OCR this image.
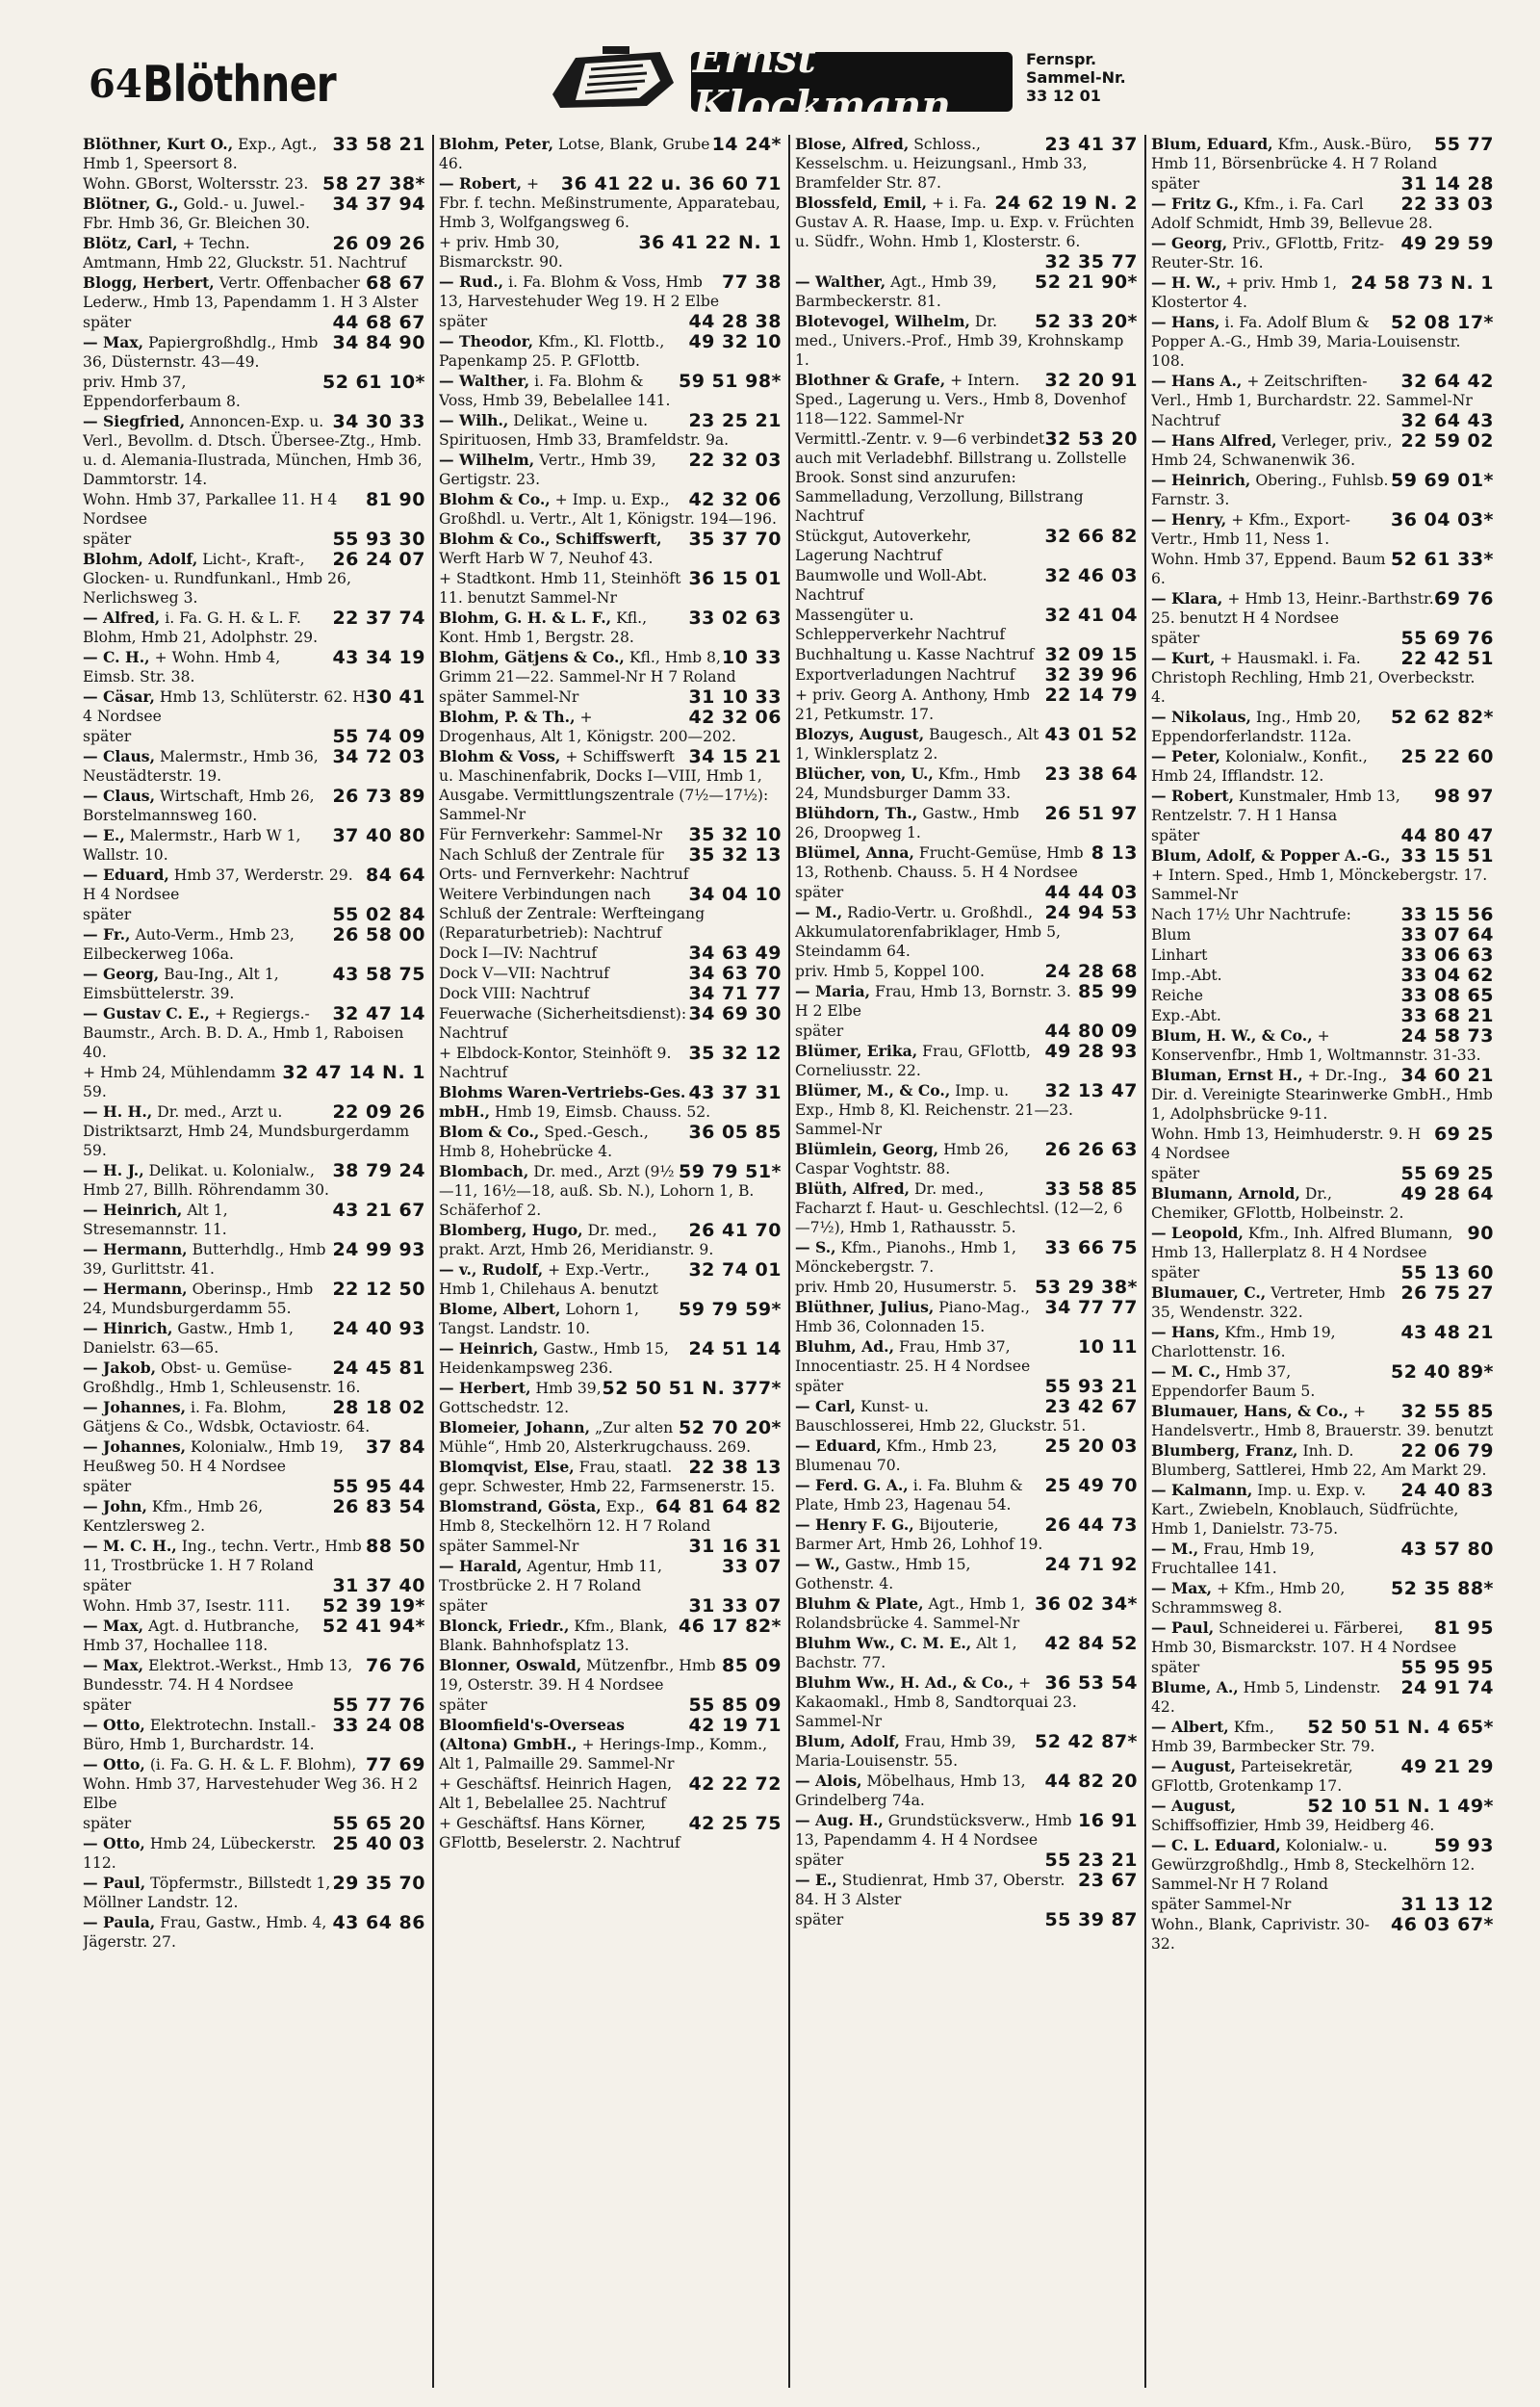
64 Blöthner	Ernst Klockmann
Fernspr.
Sammel-Nr.
33 12 01
33 58 21
Blöthner, Kurt O., Exp., Agt., Hmb 1, Speersort 8.
58 27 38*
Wohn. GBorst, Woltersstr. 23.
34 37 94
Blötner, G., Gold.- u. Juwel.-Fbr. Hmb 36, Gr. Bleichen 30.
26 09 26
Blötz, Carl, + Techn. Amtmann, Hmb 22, Gluckstr. 51. Nachtruf
68 67
Blogg, Herbert, Vertr. Offenbacher Lederw., Hmb 13, Papendamm 1. H 3 Alster
44 68 67
später
34 84 90
— Max, Papiergroßhdlg., Hmb 36, Düsternstr. 43—49.
52 61 10*
priv. Hmb 37, Eppendorferbaum 8.
34 30 33
— Siegfried, Annoncen-Exp. u. Verl., Bevollm. d. Dtsch. Übersee-Ztg., Hmb. u. d. Alemania-Ilustrada, München, Hmb 36, Dammtorstr. 14.
81 90
Wohn. Hmb 37, Parkallee 11. H 4 Nordsee
55 93 30
später
26 24 07
Blohm, Adolf, Licht-, Kraft-, Glocken- u. Rundfunkanl., Hmb 26, Nerlichsweg 3.
22 37 74
— Alfred, i. Fa. G. H. & L. F. Blohm, Hmb 21, Adolphstr. 29.
43 34 19
— C. H., + Wohn. Hmb 4, Eimsb. Str. 38.
30 41
— Cäsar, Hmb 13, Schlüterstr. 62. H 4 Nordsee
55 74 09
später
34 72 03
— Claus, Malermstr., Hmb 36, Neustädterstr. 19.
26 73 89
— Claus, Wirtschaft, Hmb 26, Borstelmannsweg 160.
37 40 80
— E., Malermstr., Harb W 1, Wallstr. 10.
84 64
— Eduard, Hmb 37, Werderstr. 29. H 4 Nordsee
55 02 84
später
26 58 00
— Fr., Auto-Verm., Hmb 23, Eilbeckerweg 106a.
43 58 75
— Georg, Bau-Ing., Alt 1, Eimsbüttelerstr. 39.
32 47 14
— Gustav C. E., + Regiergs.-Baumstr., Arch. B. D. A., Hmb 1, Raboisen 40.
32 47 14 N. 1
+ Hmb 24, Mühlendamm 59.
22 09 26
— H. H., Dr. med., Arzt u. Distriktsarzt, Hmb 24, Mundsburgerdamm 59.
38 79 24
— H. J., Delikat. u. Kolonialw., Hmb 27, Billh. Röhrendamm 30.
43 21 67
— Heinrich, Alt 1, Stresemannstr. 11.
24 99 93
— Hermann, Butterhdlg., Hmb 39, Gurlittstr. 41.
22 12 50
— Hermann, Oberinsp., Hmb 24, Mundsburgerdamm 55.
24 40 93
— Hinrich, Gastw., Hmb 1, Danielstr. 63—65.
24 45 81
— Jakob, Obst- u. Gemüse-Großhdlg., Hmb 1, Schleusenstr. 16.
28 18 02
— Johannes, i. Fa. Blohm, Gätjens & Co., Wdsbk, Octaviostr. 64.
37 84
— Johannes, Kolonialw., Hmb 19, Heußweg 50. H 4 Nordsee
55 95 44
später
26 83 54
— John, Kfm., Hmb 26, Kentzlersweg 2.
88 50
— M. C. H., Ing., techn. Vertr., Hmb 11, Trostbrücke 1. H 7 Roland
31 37 40
später
52 39 19*
Wohn. Hmb 37, Isestr. 111.
52 41 94*
— Max, Agt. d. Hutbranche, Hmb 37, Hochallee 118.
76 76
— Max, Elektrot.-Werkst., Hmb 13, Bundesstr. 74. H 4 Nordsee
55 77 76
später
33 24 08
— Otto, Elektrotechn. Install.-Büro, Hmb 1, Burchardstr. 14.
77 69
— Otto, (i. Fa. G. H. & L. F. Blohm), Wohn. Hmb 37, Harvestehuder Weg 36. H 2 Elbe
55 65 20
später
25 40 03
— Otto, Hmb 24, Lübeckerstr. 112.
29 35 70
— Paul, Töpfermstr., Billstedt 1, Möllner Landstr. 12.
43 64 86
— Paula, Frau, Gastw., Hmb. 4, Jägerstr. 27.
14 24*
Blohm, Peter, Lotse, Blank, Grube 46.
36 41 22 u. 36 60 71
— Robert, + Fbr. f. techn. Meßinstrumente, Apparatebau, Hmb 3, Wolfgangsweg 6.
36 41 22 N. 1
+ priv. Hmb 30, Bismarckstr. 90.
77 38
— Rud., i. Fa. Blohm & Voss, Hmb 13, Harvestehuder Weg 19. H 2 Elbe
44 28 38
später
49 32 10
— Theodor, Kfm., Kl. Flottb., Papenkamp 25. P. GFlottb.
59 51 98*
— Walther, i. Fa. Blohm & Voss, Hmb 39, Bebelallee 141.
23 25 21
— Wilh., Delikat., Weine u. Spirituosen, Hmb 33, Bramfeldstr. 9a.
22 32 03
— Wilhelm, Vertr., Hmb 39, Gertigstr. 23.
42 32 06
Blohm & Co., + Imp. u. Exp., Großhdl. u. Vertr., Alt 1, Königstr. 194—196.
35 37 70
Blohm & Co., Schiffswerft, Werft Harb W 7, Neuhof 43.
36 15 01
+ Stadtkont. Hmb 11, Steinhöft 11. benutzt Sammel-Nr
33 02 63
Blohm, G. H. & L. F., Kfl., Kont. Hmb 1, Bergstr. 28.
10 33
Blohm, Gätjens & Co., Kfl., Hmb 8, Grimm 21—22. Sammel-Nr H 7 Roland
31 10 33
später Sammel-Nr
42 32 06
Blohm, P. & Th., + Drogenhaus, Alt 1, Königstr. 200—202.
34 15 21
Blohm & Voss, + Schiffswerft u. Maschinenfabrik, Docks I—VIII, Hmb 1, Ausgabe. Vermittlungszentrale (7½—17½): Sammel-Nr
35 32 10
Für Fernverkehr: Sammel-Nr
35 32 13
Nach Schluß der Zentrale für Orts- und Fernverkehr: Nachtruf
34 04 10
Weitere Verbindungen nach Schluß der Zentrale: Werfteingang (Reparaturbetrieb): Nachtruf
34 63 49
Dock I—IV: Nachtruf
34 63 70
Dock V—VII: Nachtruf
34 71 77
Dock VIII: Nachtruf
34 69 30
Feuerwache (Sicherheitsdienst): Nachtruf
35 32 12
+ Elbdock-Kontor, Steinhöft 9. Nachtruf
43 37 31
Blohms Waren-Vertriebs-Ges. mbH., Hmb 19, Eimsb. Chauss. 52.
36 05 85
Blom & Co., Sped.-Gesch., Hmb 8, Hohebrücke 4.
59 79 51*
Blombach, Dr. med., Arzt (9½—11, 16½—18, auß. Sb. N.), Lohorn 1, B. Schäferhof 2.
26 41 70
Blomberg, Hugo, Dr. med., prakt. Arzt, Hmb 26, Meridianstr. 9.
32 74 01
— v., Rudolf, + Exp.-Vertr., Hmb 1, Chilehaus A. benutzt
59 79 59*
Blome, Albert, Lohorn 1, Tangst. Landstr. 10.
24 51 14
— Heinrich, Gastw., Hmb 15, Heidenkampsweg 236.
52 50 51 N. 377*
— Herbert, Hmb 39, Gottschedstr. 12.
52 70 20*
Blomeier, Johann, „Zur alten Mühle“, Hmb 20, Alsterkrugchauss. 269.
22 38 13
Blomqvist, Else, Frau, staatl. gepr. Schwester, Hmb 22, Farmsenerstr. 15.
64 81 64 82
Blomstrand, Gösta, Exp., Hmb 8, Steckelhörn 12. H 7 Roland
31 16 31
später Sammel-Nr
33 07
— Harald, Agentur, Hmb 11, Trostbrücke 2. H 7 Roland
31 33 07
später
46 17 82*
Blonck, Friedr., Kfm., Blank, Blank. Bahnhofsplatz 13.
85 09
Blonner, Oswald, Mützenfbr., Hmb 19, Osterstr. 39. H 4 Nordsee
55 85 09
später
42 19 71
Bloomfield's-Overseas (Altona) GmbH., + Herings-Imp., Komm., Alt 1, Palmaille 29. Sammel-Nr
42 22 72
+ Geschäftsf. Heinrich Hagen, Alt 1, Bebelallee 25. Nachtruf
42 25 75
+ Geschäftsf. Hans Körner, GFlottb, Beselerstr. 2. Nachtruf
23 41 37
Blose, Alfred, Schloss., Kesselschm. u. Heizungsanl., Hmb 33, Bramfelder Str. 87.
24 62 19 N. 2
Blossfeld, Emil, + i. Fa. Gustav A. R. Haase, Imp. u. Exp. v. Früchten u. Südfr., Wohn. Hmb 1, Klosterstr. 6.
32 35 77
52 21 90*
— Walther, Agt., Hmb 39, Barmbeckerstr. 81.
52 33 20*
Blotevogel, Wilhelm, Dr. med., Univers.-Prof., Hmb 39, Krohnskamp 1.
32 20 91
Blothner & Grafe, + Intern. Sped., Lagerung u. Vers., Hmb 8, Dovenhof 118—122. Sammel-Nr
32 53 20
Vermittl.-Zentr. v. 9—6 verbindet auch mit Verladebhf. Billstrang u. Zollstelle Brook. Sonst sind anzurufen: Sammelladung, Verzollung, Billstrang Nachtruf
32 66 82
Stückgut, Autoverkehr, Lagerung Nachtruf
32 46 03
Baumwolle und Woll-Abt. Nachtruf
32 41 04
Massengüter u. Schlepperverkehr Nachtruf
32 09 15
Buchhaltung u. Kasse Nachtruf
32 39 96
Exportverladungen Nachtruf
22 14 79
+ priv. Georg A. Anthony, Hmb 21, Petkumstr. 17.
43 01 52
Blozys, August, Baugesch., Alt 1, Winklersplatz 2.
23 38 64
Blücher, von, U., Kfm., Hmb 24, Mundsburger Damm 33.
26 51 97
Blühdorn, Th., Gastw., Hmb 26, Droopweg 1.
8 13
Blümel, Anna, Frucht-Gemüse, Hmb 13, Rothenb. Chauss. 5. H 4 Nordsee
44 44 03
später
24 94 53
— M., Radio-Vertr. u. Großhdl., Akkumulatorenfabriklager, Hmb 5, Steindamm 64.
24 28 68
priv. Hmb 5, Koppel 100.
85 99
— Maria, Frau, Hmb 13, Bornstr. 3. H 2 Elbe
44 80 09
später
49 28 93
Blümer, Erika, Frau, GFlottb, Corneliusstr. 22.
32 13 47
Blümer, M., & Co., Imp. u. Exp., Hmb 8, Kl. Reichenstr. 21—23. Sammel-Nr
26 26 63
Blümlein, Georg, Hmb 26, Caspar Voghtstr. 88.
33 58 85
Blüth, Alfred, Dr. med., Facharzt f. Haut- u. Geschlechtsl. (12—2, 6—7½), Hmb 1, Rathausstr. 5.
33 66 75
— S., Kfm., Pianohs., Hmb 1, Mönckebergstr. 7.
53 29 38*
priv. Hmb 20, Husumerstr. 5.
34 77 77
Blüthner, Julius, Piano-Mag., Hmb 36, Colonnaden 15.
10 11
Bluhm, Ad., Frau, Hmb 37, Innocentiastr. 25. H 4 Nordsee
55 93 21
später
23 42 67
— Carl, Kunst- u. Bauschlosserei, Hmb 22, Gluckstr. 51.
25 20 03
— Eduard, Kfm., Hmb 23, Blumenau 70.
25 49 70
— Ferd. G. A., i. Fa. Bluhm & Plate, Hmb 23, Hagenau 54.
26 44 73
— Henry F. G., Bijouterie, Barmer Art, Hmb 26, Lohhof 19.
24 71 92
— W., Gastw., Hmb 15, Gothenstr. 4.
36 02 34*
Bluhm & Plate, Agt., Hmb 1, Rolandsbrücke 4. Sammel-Nr
42 84 52
Bluhm Ww., C. M. E., Alt 1, Bachstr. 77.
36 53 54
Bluhm Ww., H. Ad., & Co., + Kakaomakl., Hmb 8, Sandtorquai 23. Sammel-Nr
52 42 87*
Blum, Adolf, Frau, Hmb 39, Maria-Louisenstr. 55.
44 82 20
— Alois, Möbelhaus, Hmb 13, Grindelberg 74a.
16 91
— Aug. H., Grundstücksverw., Hmb 13, Papendamm 4. H 4 Nordsee
55 23 21
später
23 67
— E., Studienrat, Hmb 37, Oberstr. 84. H 3 Alster
55 39 87
später
55 77
Blum, Eduard, Kfm., Ausk.-Büro, Hmb 11, Börsenbrücke 4. H 7 Roland
31 14 28
später
22 33 03
— Fritz G., Kfm., i. Fa. Carl Adolf Schmidt, Hmb 39, Bellevue 28.
49 29 59
— Georg, Priv., GFlottb, Fritz-Reuter-Str. 16.
24 58 73 N. 1
— H. W., + priv. Hmb 1, Klostertor 4.
52 08 17*
— Hans, i. Fa. Adolf Blum & Popper A.-G., Hmb 39, Maria-Louisenstr. 108.
32 64 42
— Hans A., + Zeitschriften-Verl., Hmb 1, Burchardstr. 22. Sammel-Nr
32 64 43
Nachtruf
22 59 02
— Hans Alfred, Verleger, priv., Hmb 24, Schwanenwik 36.
59 69 01*
— Heinrich, Obering., Fuhlsb. Farnstr. 3.
36 04 03*
— Henry, + Kfm., Export-Vertr., Hmb 11, Ness 1.
52 61 33*
Wohn. Hmb 37, Eppend. Baum 6.
69 76
— Klara, + Hmb 13, Heinr.-Barthstr. 25. benutzt H 4 Nordsee
55 69 76
später
22 42 51
— Kurt, + Hausmakl. i. Fa. Christoph Rechling, Hmb 21, Overbeckstr. 4.
52 62 82*
— Nikolaus, Ing., Hmb 20, Eppendorferlandstr. 112a.
25 22 60
— Peter, Kolonialw., Konfit., Hmb 24, Ifflandstr. 12.
98 97
— Robert, Kunstmaler, Hmb 13, Rentzelstr. 7. H 1 Hansa
44 80 47
später
33 15 51
Blum, Adolf, & Popper A.-G., + Intern. Sped., Hmb 1, Mönckebergstr. 17. Sammel-Nr
33 15 56
Nach 17½ Uhr Nachtrufe:
33 07 64
Blum
33 06 63
Linhart
33 04 62
Imp.-Abt.
33 08 65
Reiche
33 68 21
Exp.-Abt.
24 58 73
Blum, H. W., & Co., + Konservenfbr., Hmb 1, Woltmannstr. 31-33.
34 60 21
Bluman, Ernst H., + Dr.-Ing., Dir. d. Vereinigte Stearinwerke GmbH., Hmb 1, Adolphsbrücke 9-11.
69 25
Wohn. Hmb 13, Heimhuderstr. 9. H 4 Nordsee
55 69 25
später
49 28 64
Blumann, Arnold, Dr., Chemiker, GFlottb, Holbeinstr. 2.
90
— Leopold, Kfm., Inh. Alfred Blumann, Hmb 13, Hallerplatz 8. H 4 Nordsee
55 13 60
später
26 75 27
Blumauer, C., Vertreter, Hmb 35, Wendenstr. 322.
43 48 21
— Hans, Kfm., Hmb 19, Charlottenstr. 16.
52 40 89*
— M. C., Hmb 37, Eppendorfer Baum 5.
32 55 85
Blumauer, Hans, & Co., + Handelsvertr., Hmb 8, Brauerstr. 39. benutzt
22 06 79
Blumberg, Franz, Inh. D. Blumberg, Sattlerei, Hmb 22, Am Markt 29.
24 40 83
— Kalmann, Imp. u. Exp. v. Kart., Zwiebeln, Knoblauch, Südfrüchte, Hmb 1, Danielstr. 73-75.
43 57 80
— M., Frau, Hmb 19, Fruchtallee 141.
52 35 88*
— Max, + Kfm., Hmb 20, Schrammsweg 8.
81 95
— Paul, Schneiderei u. Färberei, Hmb 30, Bismarckstr. 107. H 4 Nordsee
55 95 95
später
24 91 74
Blume, A., Hmb 5, Lindenstr. 42.
52 50 51 N. 4 65*
— Albert, Kfm., Hmb 39, Barmbecker Str. 79.
49 21 29
— August, Parteisekretär, GFlottb, Grotenkamp 17.
52 10 51 N. 1 49*
— August, Schiffsoffizier, Hmb 39, Heidberg 46.
59 93
— C. L. Eduard, Kolonialw.- u. Gewürzgroßhdlg., Hmb 8, Steckelhörn 12. Sammel-Nr H 7 Roland
31 13 12
später Sammel-Nr
46 03 67*
Wohn., Blank, Caprivistr. 30-32.
